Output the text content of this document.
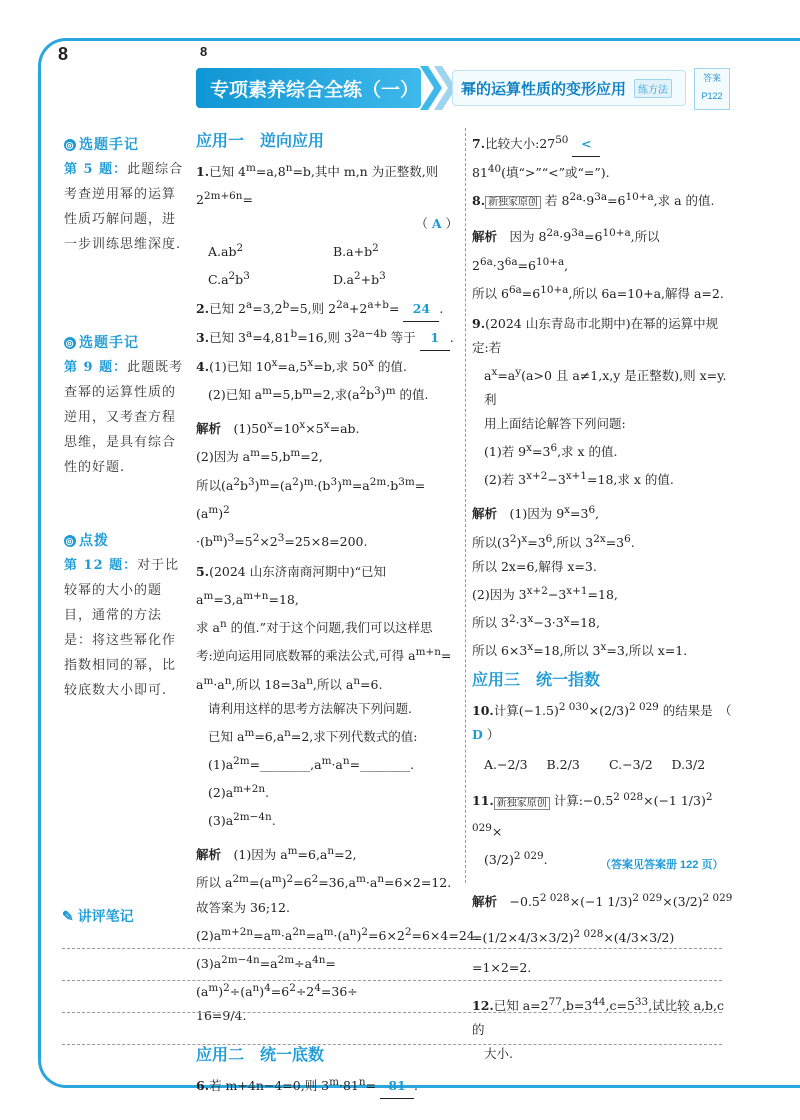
8	8
专项素养综合全练（一）	幂的运算性质的变形应用	练方法
答案
P122
◎ 选题手记
第 5 题：此题综合考查逆用幂的运算性质巧解问题，进一步训练思维深度.
◎ 选题手记
第 9 题：此题既考查幂的运算性质的逆用，又考查方程思维，是具有综合性的好题.
◎ 点拨
第 12 题：对于比较幂的大小的题目，通常的方法是：将这些幂化作指数相同的幂，比较底数大小即可.
应用一　逆向应用

1.已知 $4^m=a,8^n=b$,其中 m,n 为正整数,则 $2^{2m+6n}=$

（ A ）

$A.ab^2$	$B.a+b^2$

$C.a^2b^3$	$D.a^2+b^3$

2.已知 $2^a=3,2^b=5$,则 $2^{2a}+2^{a+b}= 24$ .

3.已知 $3^a=4,81^b=16$,则 $3^{2a-4b}$ 等于 1 .

4.(1)已知 $10^x=a,5^x=b$,求 50$^x$ 的值.

(2)已知 $a^m=5,b^m=2$,求$(a^2b^3)^m$ 的值.

解析　$(1)50^x=10^x\times 5^x=ab$.

(2)因为 $a^m=5,b^m=2$,

所以$(a^2b^3)^m=(a^2)^m\cdot(b^3)^m=a^{2m}\cdot b^{3m}=(a^m)^2$

$\cdot(b^m)^3=5^2\times 2^3=25\times 8=200$.

5.(2024 山东济南商河期中)“已知 $a^m=3,a^{m+n}=18$,

求 $a^n$ 的值.”对于这个问题,我们可以这样思

考:逆向运用同底数幂的乘法公式,可得 $a^{m+n}=$

$a^m\cdot a^n$,所以 $18=3a^n$,所以 $a^n=6$.

请利用这样的思考方法解决下列问题.

已知 $a^m=6,a^n=2$,求下列代数式的值:

$(1)a^{2m}=\_\_\_\_\_\_\_\_,a^m\cdot a^n=\_\_\_\_\_\_\_\_$.

$(2)a^{m+2n}$.

$(3)a^{2m-4n}$.

解析　(1)因为 $a^m=6,a^n=2$,

所以 $a^{2m}=(a^m)^2=6^2=36,a^m\cdot a^n=6\times 2=12$.

故答案为 36;12.

$(2)a^{m+2n}=a^m\cdot a^{2n}=a^m\cdot(a^n)^2=6\times 2^2=6\times 4=24$.

$(3)a^{2m-4n}=a^{2m}\div a^{4n}=(a^m)^2\div(a^n)^4=6^2\div 2^4=36\div$

16=9/4.

应用二　统一底数

6.若 m+4n−4=0,则 $3^m\cdot 81^n= 81$ .

7.比较大小$:27^{50} < 81^{40}$(填“>”“<”或“=”).

8. 新独家原创 若 $8^{2a}\cdot 9^{3a}=6^{10+a}$,求 a 的值.

解析　因为 $8^{2a}\cdot 9^{3a}=6^{10+a}$,所以 $2^{6a}\cdot 3^{6a}=6^{10+a}$,

所以 $6^{6a}=6^{10+a}$,所以 6a=10+a,解得 a=2.

9.(2024 山东青岛市北期中)在幂的运算中规定:若

$a^x=a^y(a>0$ 且 a≠1,x,y 是正整数),则 x=y.利

用上面结论解答下列问题:

(1)若 $9^x=3^6$,求 x 的值.

(2)若 $3^{x+2}-3^{x+1}=18$,求 x 的值.

解析　(1)因为 $9^x=3^6$,

所以$(3^2)^x=3^6$,所以 $3^{2x}=3^6$.

所以 2x=6,解得 x=3.

(2)因为 $3^{x+2}-3^{x+1}=18$,

所以 $3^2\cdot 3^x-3\cdot 3^x=18$,

所以 $6\times 3^x=18$,所以 $3^x=3$,所以 x=1.

应用三　统一指数

10.计算$(-1.5)^{2 030}\times(2/3)^{2 029}$ 的结果是　（ D ）

A.−2/3	B.2/3	C.−3/2	D.3/2

11. 新独家原创 计算$:-0.5^{2 028}\times(-1$ 1/3)$^{2 029}$×

$(3/2)^{2 029}$.

解析　$-0.5^{2 028}\times(-1$ $1/3)^{2 029}\times(3/2)^{2 029}$

$=(1/2\times 4/3\times 3/2)^{2 028}\times(4/3\times 3/2)$

=1×2=2.

12.已知 $a=2^{77},b=3^{44},c=5^{33}$,试比较 a,b,c 的

大小.

（答案见答案册 122 页）
✎ 讲评笔记
